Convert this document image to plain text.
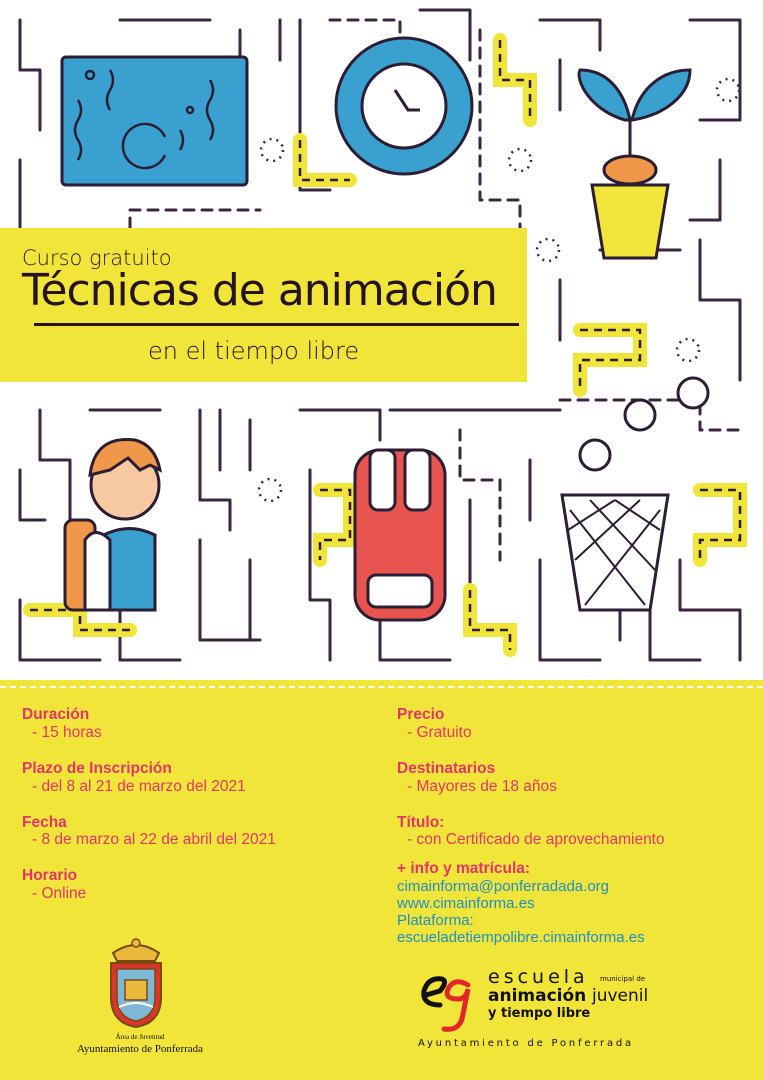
Curso gratuito
Técnicas de animación
en el tiempo libre
Duración
- 15 horas
Plazo de Inscripción
- del 8 al 21 de marzo del 2021
Fecha
- 8 de marzo al 22 de abril del 2021
Horario
- Online
Precio
- Gratuito
Destinatarios
- Mayores de 18 años
Título:
- con Certificado de aprovechamiento
+ info y matrícula:
cimainforma@ponferradada.org
www.cimainforma.es
Plataforma:
escueladetiempolibre.cimainforma.es
Área de Juventud
Ayuntamiento de Ponferrada
escuela municipal de
animación juvenil
y tiempo libre
Ayuntamiento de Ponferrada
